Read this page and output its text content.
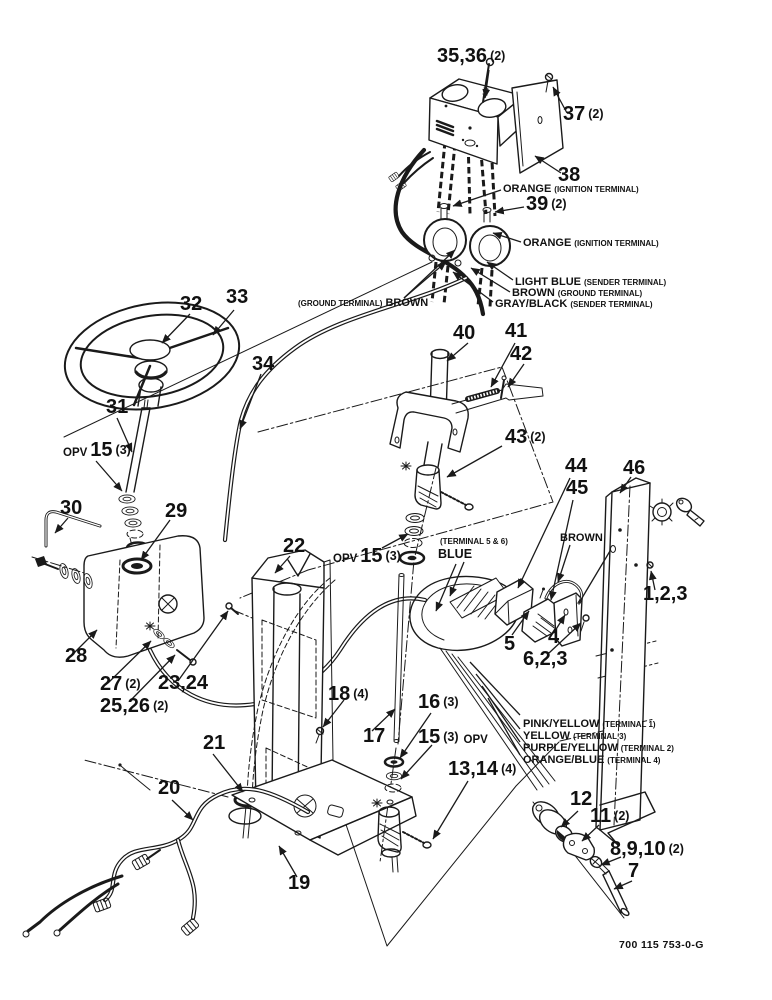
35,36 (2)
37 (2)
38
ORANGE (IGNITION TERMINAL)
39 (2)
ORANGE (IGNITION TERMINAL)
LIGHT BLUE (SENDER TERMINAL)
BROWN (GROUND TERMINAL)
GRAY/BLACK (SENDER TERMINAL)
(GROUND TERMINAL) BROWN
32 33
34
31
OPV 15 (3)
30	29
22
28
27 (2) 23,24
25,26 (2)
40 41
42
43 (2)
OPV 15 (3)
(TERMINAL 5 & 6)
BLUE
44
45
46
BROWN
1,2,3
5 4
6,2,3
18 (4)
17
16 (3)
15 (3) OPV
13,14 (4)
PINK/YELLOW (TERMINAL 1)
YELLOW (TERMINAL 3)
PURPLE/YELLOW (TERMINAL 2)
ORANGE/BLUE (TERMINAL 4)
21
20
19
12
11 (2)
8,9,10 (2)
7
700 115 753-0-G
